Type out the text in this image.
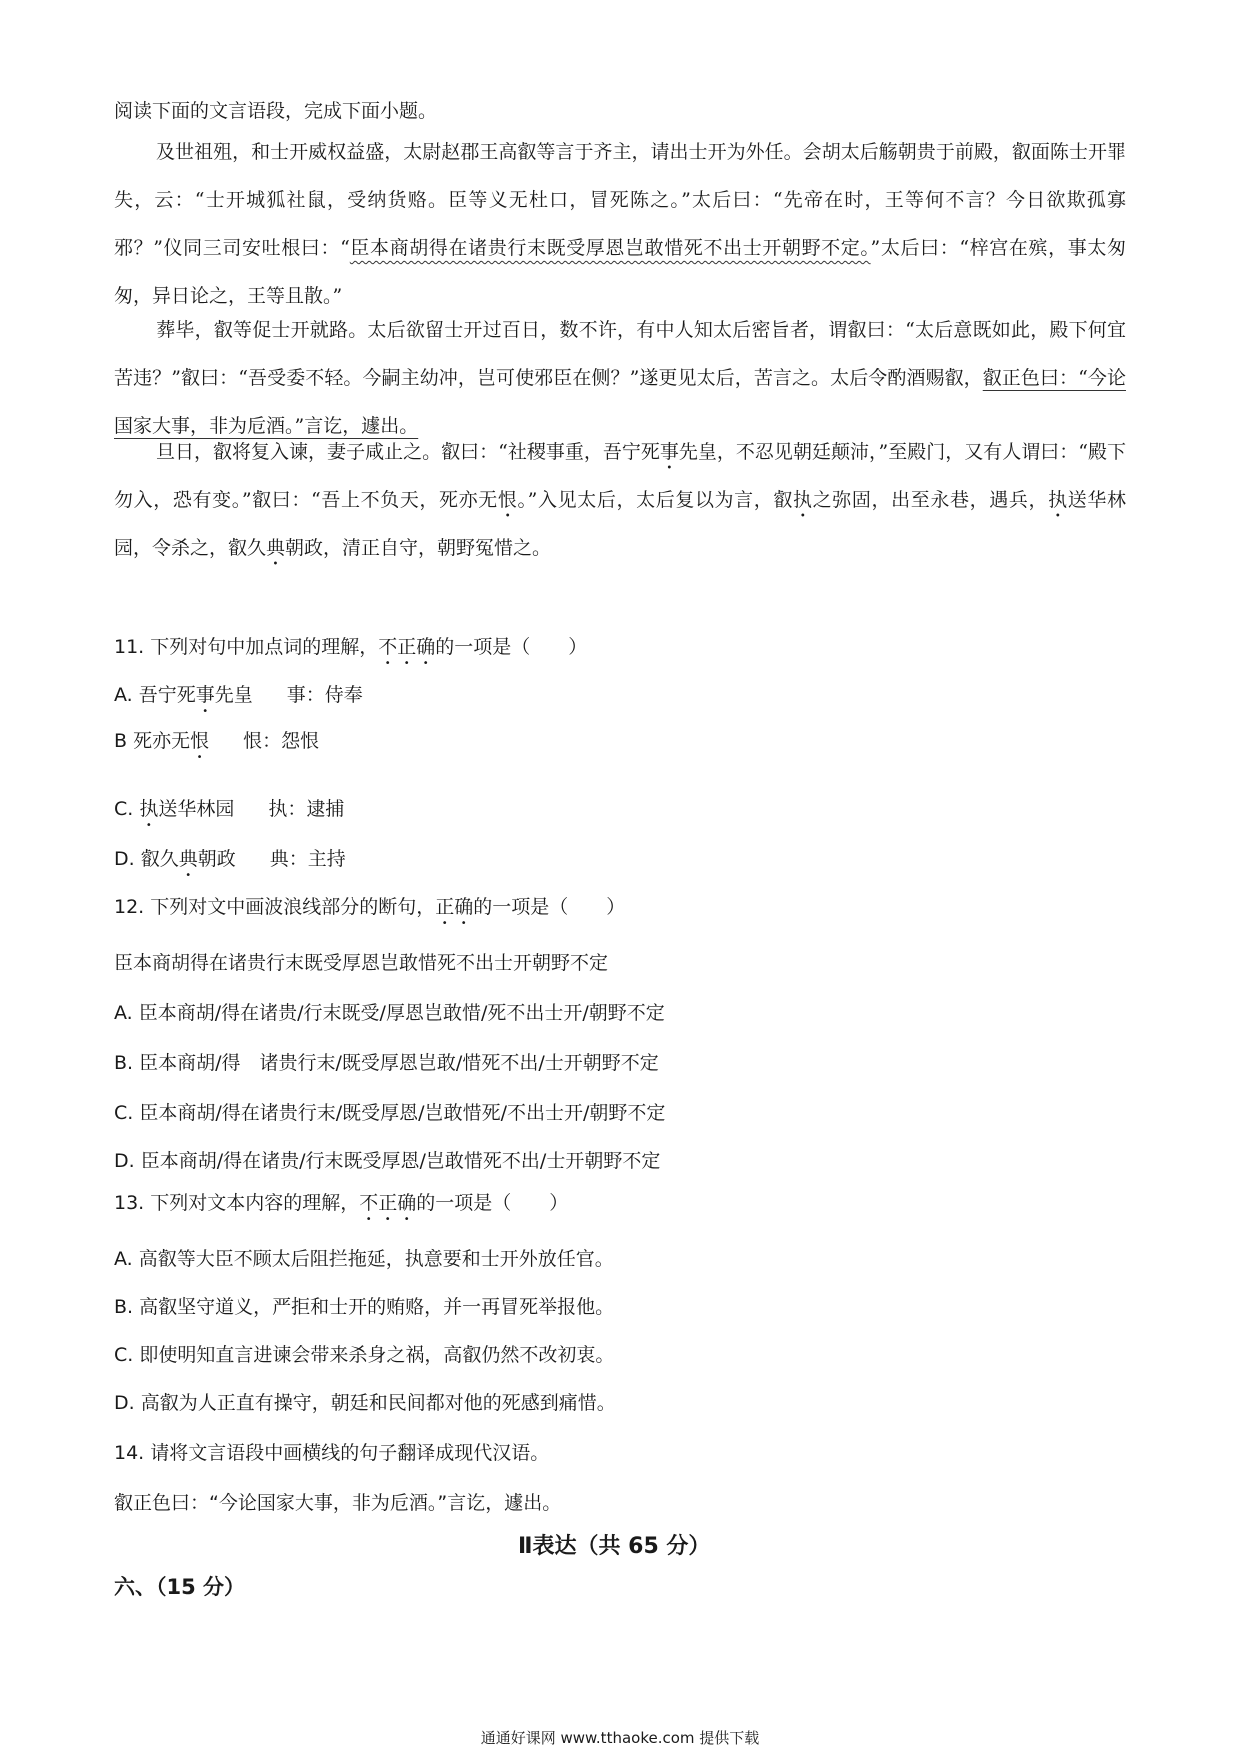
阅读下面的文言语段，完成下面小题。
及世祖殂，和士开威权益盛，太尉赵郡王高叡等言于齐主，请出士开为外任。会胡太后觞朝贵于前殿，叡面陈士开罪失，云：“士开城狐社鼠，受纳货赂。臣等义无杜口，冒死陈之。”太后曰：“先帝在时，王等何不言？今日欲欺孤寡邪？”仪同三司安吐根曰：“臣本商胡得在诸贵行末既受厚恩岂敢惜死不出士开朝野不定。”太后曰：“梓宫在殡，事太匆匆，异日论之，王等且散。”
葬毕，叡等促士开就路。太后欲留士开过百日，数不许，有中人知太后密旨者，谓叡曰：“太后意既如此，殿下何宜苦违？”叡曰：“吾受委不轻。今嗣主幼冲，岂可使邪臣在侧？”遂更见太后，苦言之。太后令酌酒赐叡，叡正色曰：“今论国家大事，非为卮酒。”言讫，遽出。
旦日，叡将复入谏，妻子咸止之。叡曰：“社稷事重，吾宁死事先皇，不忍见朝廷颠沛，”至殿门，又有人谓曰：“殿下勿入，恐有变。”叡曰：“吾上不负天，死亦无恨。”入见太后，太后复以为言，叡执之弥固，出至永巷，遇兵，执送华林园，令杀之，叡久典朝政，清正自守，朝野冤惜之。
11. 下列对句中加点词的理解，不正确的一项是（　　）
A. 吾宁死事先皇 事：侍奉
B 死亦无恨 恨：怨恨
C. 执送华林园 执：逮捕
D. 叡久典朝政 典：主持
12. 下列对文中画波浪线部分的断句，正确的一项是（　　）
臣本商胡得在诸贵行末既受厚恩岂敢惜死不出士开朝野不定
A. 臣本商胡/得在诸贵/行末既受/厚恩岂敢惜/死不出士开/朝野不定
B. 臣本商胡/得　诸贵行末/既受厚恩岂敢/惜死不出/士开朝野不定
C. 臣本商胡/得在诸贵行末/既受厚恩/岂敢惜死/不出士开/朝野不定
D. 臣本商胡/得在诸贵/行末既受厚恩/岂敢惜死不出/士开朝野不定
13. 下列对文本内容的理解，不正确的一项是（　　）
A. 高叡等大臣不顾太后阻拦拖延，执意要和士开外放任官。
B. 高叡坚守道义，严拒和士开的贿赂，并一再冒死举报他。
C. 即使明知直言进谏会带来杀身之祸，高叡仍然不改初衷。
D. 高叡为人正直有操守，朝廷和民间都对他的死感到痛惜。
14. 请将文言语段中画横线的句子翻译成现代汉语。
叡正色曰：“今论国家大事，非为卮酒。”言讫，遽出。
Ⅱ表达（共 65 分）
六、（15 分）
通通好课网 www.tthaoke.com 提供下载
